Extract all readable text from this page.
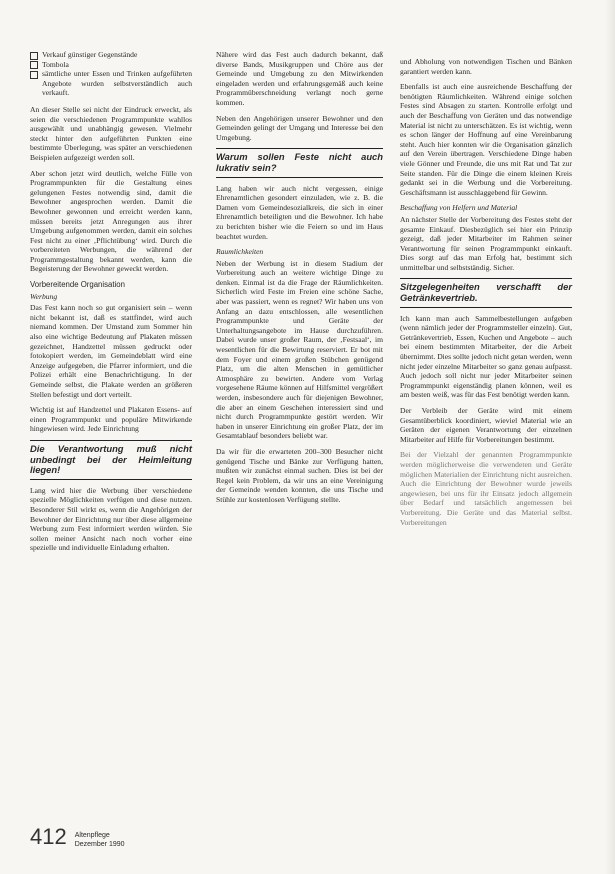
Verkauf günstiger Gegenstände
Tombola
sämtliche unter Essen und Trinken aufgeführten Angebote wurden selbstverständlich auch verkauft.

An dieser Stelle sei nicht der Eindruck erweckt, als seien die verschiedenen Programmpunkte wahllos ausgewählt und unabhängig gewesen. Vielmehr steckt hinter den aufgeführten Punkten eine bestimmte Überlegung, was später an verschiedenen Beispielen aufgezeigt werden soll.

Aber schon jetzt wird deutlich, welche Fülle von Programmpunkten für die Gestaltung eines gelungenen Festes notwendig sind, damit die Bewohner angesprochen werden. Damit die Bewohner gewonnen und erreicht werden kann, müssen bereits jetzt Anregungen aus ihrer Umgebung aufgenommen werden, damit ein solches Fest nicht zu einer ‚Pflichtübung‘ wird. Durch die vorbereiteten Werbungen, die während der Programmgestaltung bekannt werden, kann die Begeisterung der Bewohner geweckt werden.

Vorbereitende Organisation
Werbung

Das Fest kann noch so gut organisiert sein – wenn nicht bekannt ist, daß es stattfindet, wird auch niemand kommen. Der Umstand zum Sommer hin also eine wichtige Bedeutung auf Plakaten müssen gezeichnet, Handzettel müssen gedruckt oder fotokopiert werden, im Gemeindeblatt wird eine Anzeige aufgegeben, die Pfarrer informiert, und die Polizei erhält eine Benachrichtigung. In der Gemeinde selbst, die Plakate werden an größeren Stellen befestigt und dort verteilt.

Wichtig ist auf Handzettel und Plakaten Essens- auf einen Programmpunkt und populäre Mitwirkende hingewiesen wird. Jede Einrichtung

Die Verantwortung muß nicht unbedingt bei der Heimleitung liegen!

Lang wird hier die Werbung über verschiedene spezielle Möglichkeiten verfügen und diese nutzen. Besonderer Stil wirkt es, wenn die Angehörigen der Bewohner der Einrichtung nur über diese allgemeine Werbung zum Fest informiert werden würden. Sie sollen meiner Ansicht nach noch vorher eine spezielle und individuelle Einladung erhalten.

Nähere wird das Fest auch dadurch bekannt, daß diverse Bands, Musikgruppen und Chöre aus der Gemeinde und Umgebung zu den Mitwirkenden eingeladen werden und erfahrungsgemäß auch keine Programmüberschneidung verlangt noch gerne kommen.

Neben den Angehörigen unserer Bewohner und den Gemeinden gelingt der Umgang und Interesse bei den Umgebung.

Warum sollen Feste nicht auch lukrativ sein?

Lang haben wir auch nicht vergessen, einige Ehrenamtlichen gesondert einzuladen, wie z. B. die Damen vom Gemeindesozialkreis, die sich in einer Ehrenamtlich beteiligten und die Bewohner. Ich habe zu berichten bisher wie die Feiern so und im Haus beachtet wurden.

Raumlichkeiten

Neben der Werbung ist in diesem Stadium der Vorbereitung auch an weitere wichtige Dinge zu denken. Einmal ist da die Frage der Räumlichkeiten. Sicherlich wird Feste im Freien eine schöne Sache, aber was passiert, wenn es regnet? Wir haben uns von Anfang an dazu entschlossen, alle wesentlichen Programmpunkte und Geräte der Unterhaltungsangebote im Hause durchzuführen. Dabei wurde unser großer Raum, der ‚Festsaal‘, im wesentlichen für die Bewirtung reserviert. Er bot mit dem Foyer und einem großen Stübchen genügend Platz, um die alten Menschen in gemütlicher Atmosphäre zu bewirten. Andere vom Verlag vorgesehene Räume können auf Hilfsmittel vergrößert werden, insbesondere auch für diejenigen Bewohner, die aber an einem Geschehen interessiert sind und nicht durch Programmpunkte gestört werden. Wir haben in unserer Einrichtung ein großer Platz, der im Gesamtablauf besonders beliebt war.

Da wir für die erwarteten 200–300 Besucher nicht genügend Tische und Bänke zur Verfügung hatten, mußten wir zunächst einmal suchen. Dies ist bei der Regel kein Problem, da wir uns an eine Vereinigung der Gemeinde wenden konnten, die uns Tische und Stühle zur kostenlosen Verfügung stellte.

und Abholung von notwendigen Tischen und Bänken garantiert werden kann.

Ebenfalls ist auch eine ausreichende Beschaffung der benötigten Räumlichkeiten. Während einige solchen Festes sind Absagen zu starten. Kontrolle erfolgt und auch der Beschaffung von Geräten und das notwendige Material ist nicht zu unterschätzen. Es ist wichtig, wenn es schon länger der Hoffnung auf eine Vereinbarung steht. Auch hier konnten wir die Organisation gänzlich auf den Verein übertragen. Verschiedene Dinge haben viele Gönner und Freunde, die uns mit Rat und Tat zur Seite standen. Für die Dinge die einem kleinen Kreis gedankt sei in die Werbung und die Vorbereitung. Geschäftsmann ist ausschlaggebend für Gewinn.

Beschaffung von Helfern und Material

An nächster Stelle der Vorbereitung des Festes steht der gesamte Einkauf. Diesbezüglich sei hier ein Prinzip gezeigt, daß jeder Mitarbeiter im Rahmen seiner Verantwortung für seinen Programmpunkt einkauft. Dies sorgt auf das man Erfolg hat, bestimmt sich unmittelbar und selbstständig. Sicher.

Sitzgelegenheiten verschafft der Getränkevertrieb.

Ich kann man auch Sammelbestellungen aufgeben (wenn nämlich jeder der Programmsteller einzeln). Gut, Getränkevertrieb, Essen, Kuchen und Angebote – auch bei einem bestimmten Mitarbeiter, der die Arbeit übernimmt. Dies sollte jedoch nicht getan werden, wenn nicht jeder einzelne Mitarbeiter so ganz genau aufpasst. Auch jedoch soll nicht nur jeder Mitarbeiter seinen Programmpunkt eigenständig planen können, weil es am besten weiß, was für das Fest benötigt werden kann.

Der Verbleib der Geräte wird mit einem Gesamtüberblick koordiniert, wieviel Material wie an Geräten der eigenen Verantwortung der einzelnen Mitarbeiter auf Hilfe für Vorbereitungen bestimmt.

Bei der Vielzahl der genannten Programmpunkte werden möglicherweise die verwendeten und Geräte möglichen Materialien der Einrichtung nicht ausreichen. Auch die Einrichtung der Bewohner wurde jeweils angewiesen, bei uns für ihr Einsatz jedoch allgemein über Bedarf und tatsächlich angemessen bei Vorbereitung. Die Geräte und das Material selbst. Vorbereitungen

412 Altenpflege
Dezember 1990
